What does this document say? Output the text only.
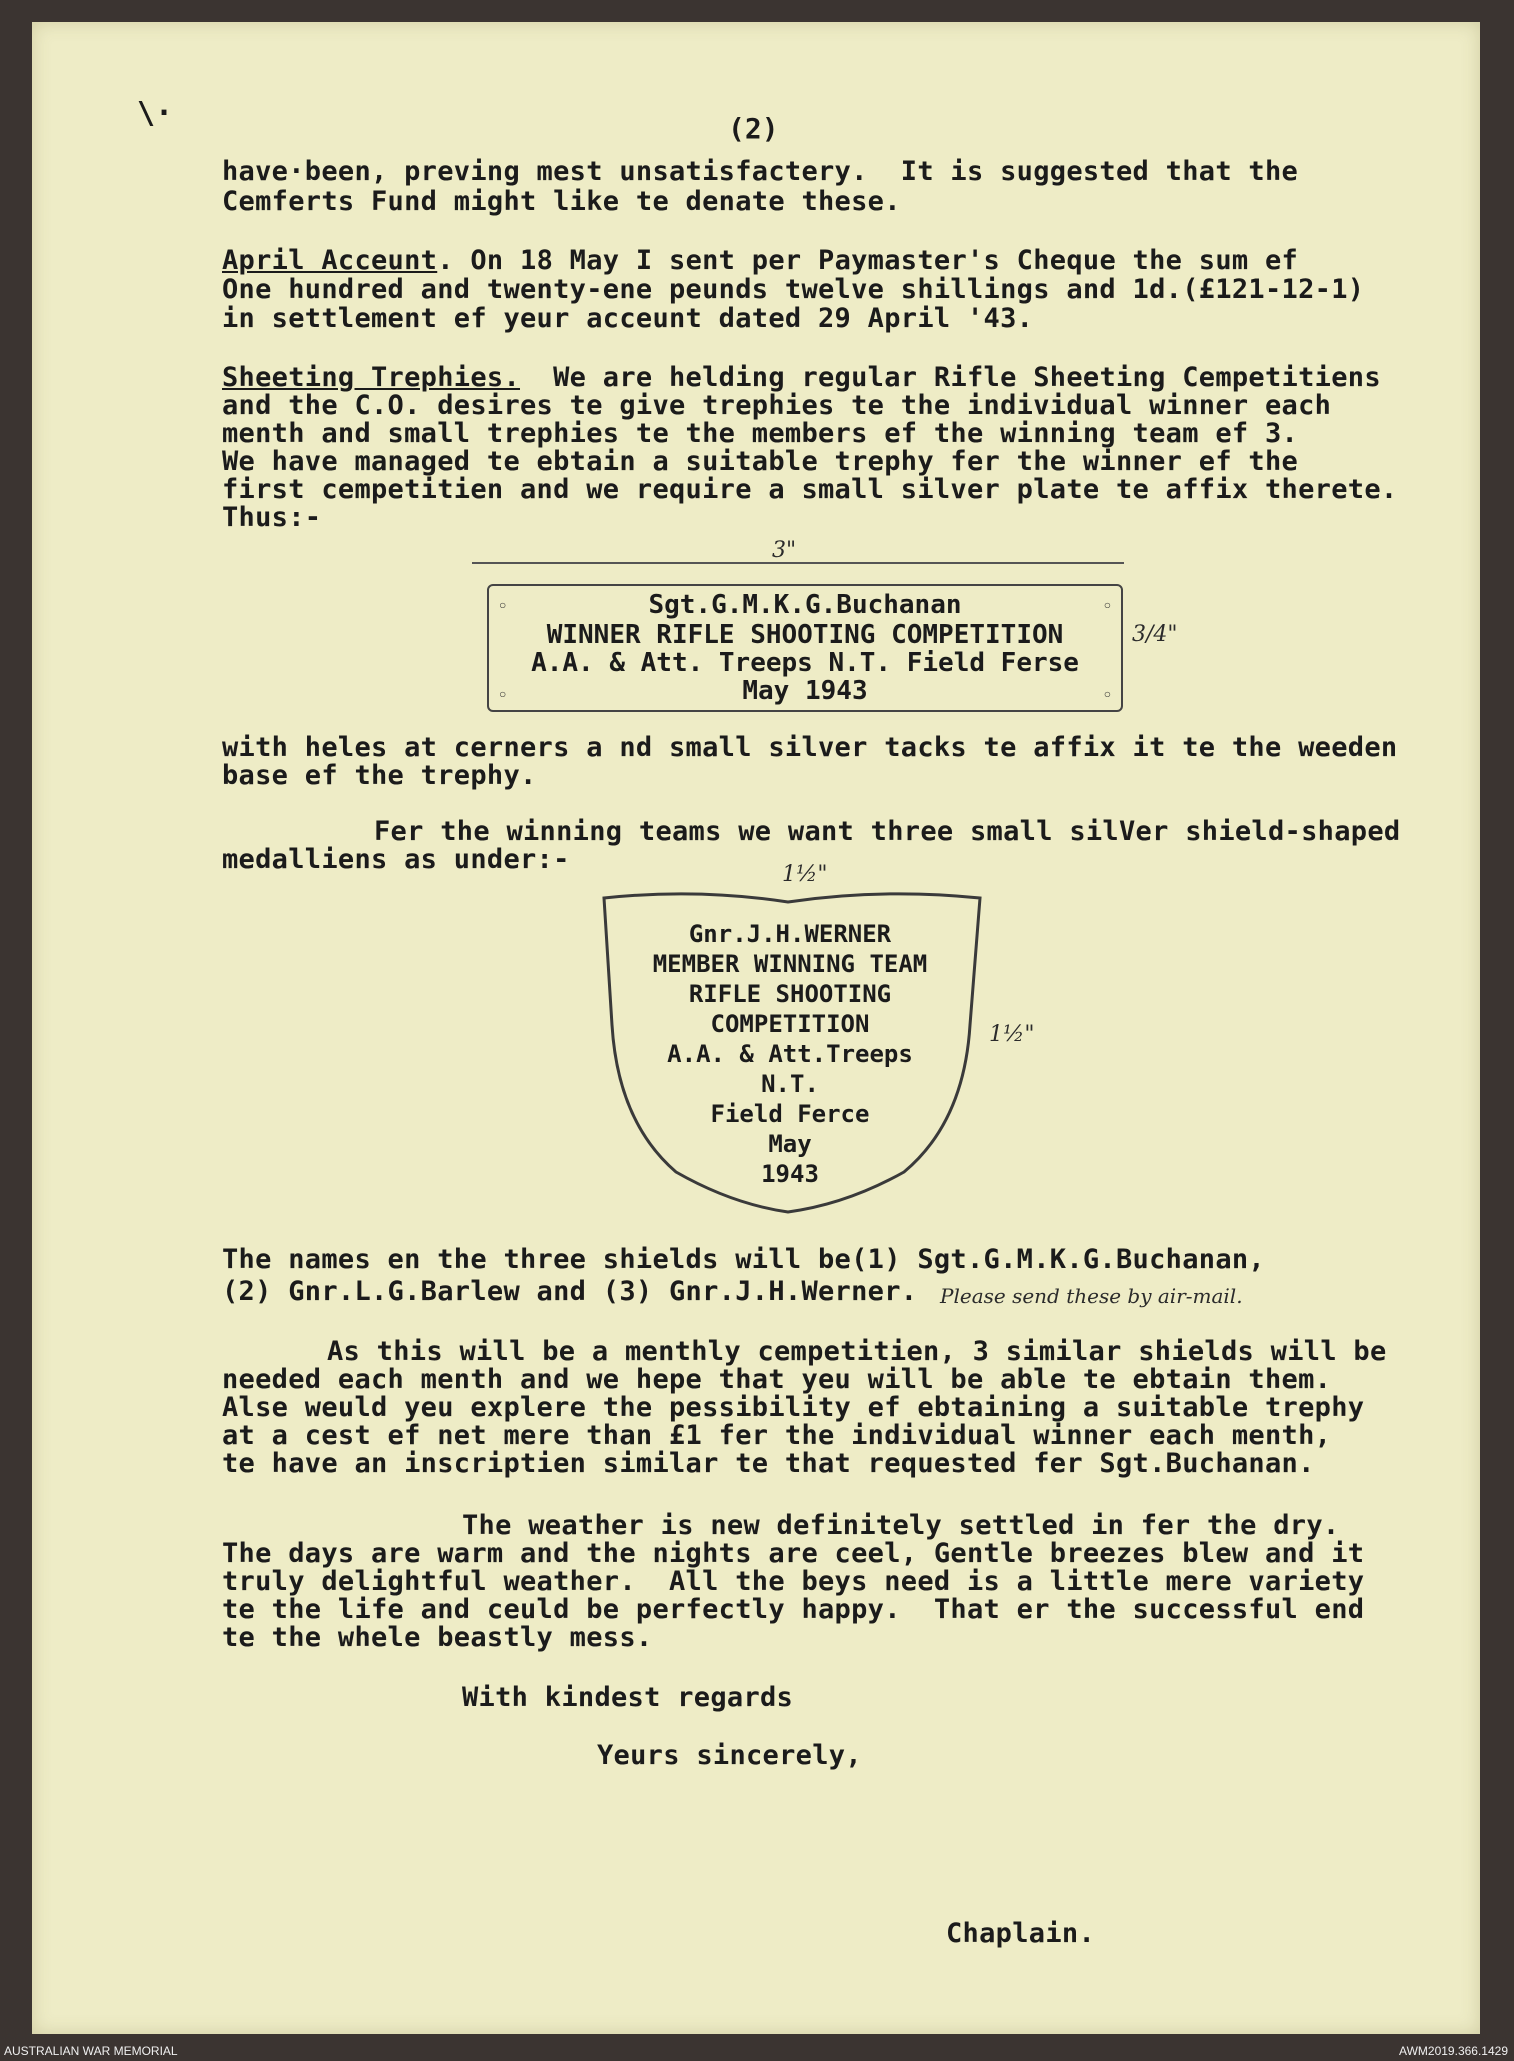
\·	(2)
have·been, preving mest unsatisfactery.  It is suggested that the
Cemferts Fund might like te denate these.
April Acceunt. On 18 May I sent per Paymaster's Cheque the sum ef
One hundred and twenty-ene peunds twelve shillings and 1d.(£121-12-1)
in settlement ef yeur acceunt dated 29 April '43.
Sheeting Trephies.  We are helding regular Rifle Sheeting Cempetitiens
and the C.O. desires te give trephies te the individual winner each
menth and small trephies te the members ef the winning team ef 3.
We have managed te ebtain a suitable trephy fer the winner ef the
first cempetitien and we require a small silver plate te affix therete.
Thus:-
3"
Sgt.G.M.K.G.Buchanan
WINNER RIFLE SHOOTING COMPETITION
A.A. & Att. Treeps N.T. Field Ferse
May 1943
○	○
○	○
3/4"
with heles at cerners a nd small silver tacks te affix it te the weeden
base ef the trephy.
Fer the winning teams we want three small silVer shield-shaped
medalliens as under:-	1½"
Gnr.J.H.WERNER
MEMBER WINNING TEAM
RIFLE SHOOTING
COMPETITION
A.A. & Att.Treeps
N.T.
Field Ferce
May
1943
1½"
The names en the three shields will be(1) Sgt.G.M.K.G.Buchanan,
(2) Gnr.L.G.Barlew and (3) Gnr.J.H.Werner. Please send these by air-mail.
As this will be a menthly cempetitien, 3 similar shields will be
needed each menth and we hepe that yeu will be able te ebtain them.
Alse weuld yeu explere the pessibility ef ebtaining a suitable trephy
at a cest ef net mere than £1 fer the individual winner each menth,
te have an inscriptien similar te that requested fer Sgt.Buchanan.
The weather is new definitely settled in fer the dry.
The days are warm and the nights are ceel, Gentle breezes blew and it
truly delightful weather.  All the beys need is a little mere variety
te the life and ceuld be perfectly happy.  That er the successful end
te the whele beastly mess.
With kindest regards
Yeurs sincerely,
Chaplain.
AUSTRALIAN WAR MEMORIAL	AWM2019.366.1429
